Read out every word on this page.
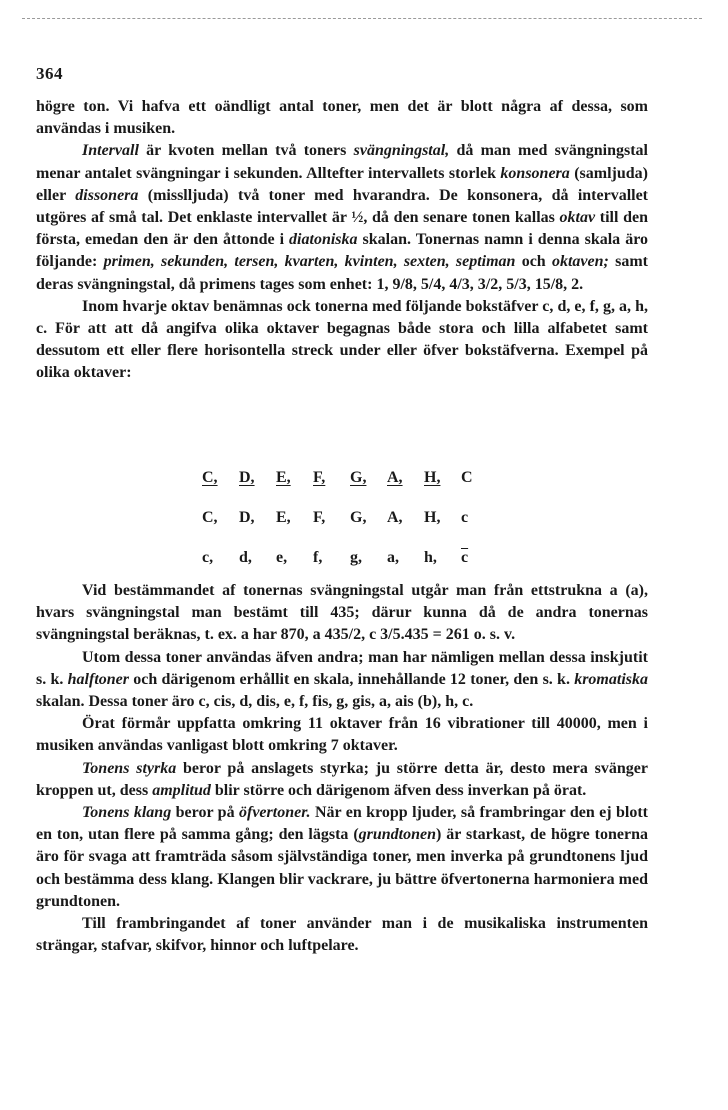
364

högre ton. Vi hafva ett oändligt antal toner, men det är blott några af dessa, som användas i musiken.

Intervall är kvoten mellan två toners svängningstal, då man med svängningstal menar antalet svängningar i sekunden. Alltefter intervallets storlek konsonera (samljuda) eller dissonera (misslljuda) två toner med hvarandra. De konsonera, då intervallet utgöres af små tal. Det enklaste intervallet är ½, då den senare tonen kallas oktav till den första, emedan den är den åttonde i diatoniska skalan. Tonernas namn i denna skala äro följande: primen, sekunden, tersen, kvarten, kvinten, sexten, septiman och oktaven; samt deras svängningstal, då primens tages som enhet: 1, 9/8, 5/4, 4/3, 3/2, 5/3, 15/8, 2.

Inom hvarje oktav benämnas ock tonerna med följande bokstäfver c, d, e, f, g, a, h, c. För att att då angifva olika oktaver begagnas både stora och lilla alfabetet samt dessutom ett eller flere horisontella streck under eller öfver bokstäfverna. Exempel på olika oktaver:

C,	D,	E,	F,	G,	A,	H,	C
C,	D,	E,	F,	G,	A,	H,	c
c,	d,	e,	f,	g,	a,	h,	$\overline{c}$

Vid bestämmandet af tonernas svängningstal utgår man från ettstrukna a (a), hvars svängningstal man bestämt till 435; därur kunna då de andra tonernas svängningstal beräknas, t. ex. a har 870, a 435/2, c 3/5.435 = 261 o. s. v.

Utom dessa toner användas äfven andra; man har nämligen mellan dessa inskjutit s. k. halftoner och därigenom erhållit en skala, innehållande 12 toner, den s. k. kromatiska skalan. Dessa toner äro c, cis, d, dis, e, f, fis, g, gis, a, ais (b), h, c.

Örat förmår uppfatta omkring 11 oktaver från 16 vibrationer till 40000, men i musiken användas vanligast blott omkring 7 oktaver.

Tonens styrka beror på anslagets styrka; ju större detta är, desto mera svänger kroppen ut, dess amplitud blir större och därigenom äfven dess inverkan på örat.

Tonens klang beror på öfvertoner. När en kropp ljuder, så frambringar den ej blott en ton, utan flere på samma gång; den lägsta (grundtonen) är starkast, de högre tonerna äro för svaga att framträda såsom självständiga toner, men inverka på grundtonens ljud och bestämma dess klang. Klangen blir vackrare, ju bättre öfvertonerna harmoniera med grundtonen.

Till frambringandet af toner använder man i de musikaliska instrumenten strängar, stafvar, skifvor, hinnor och luftpelare.
